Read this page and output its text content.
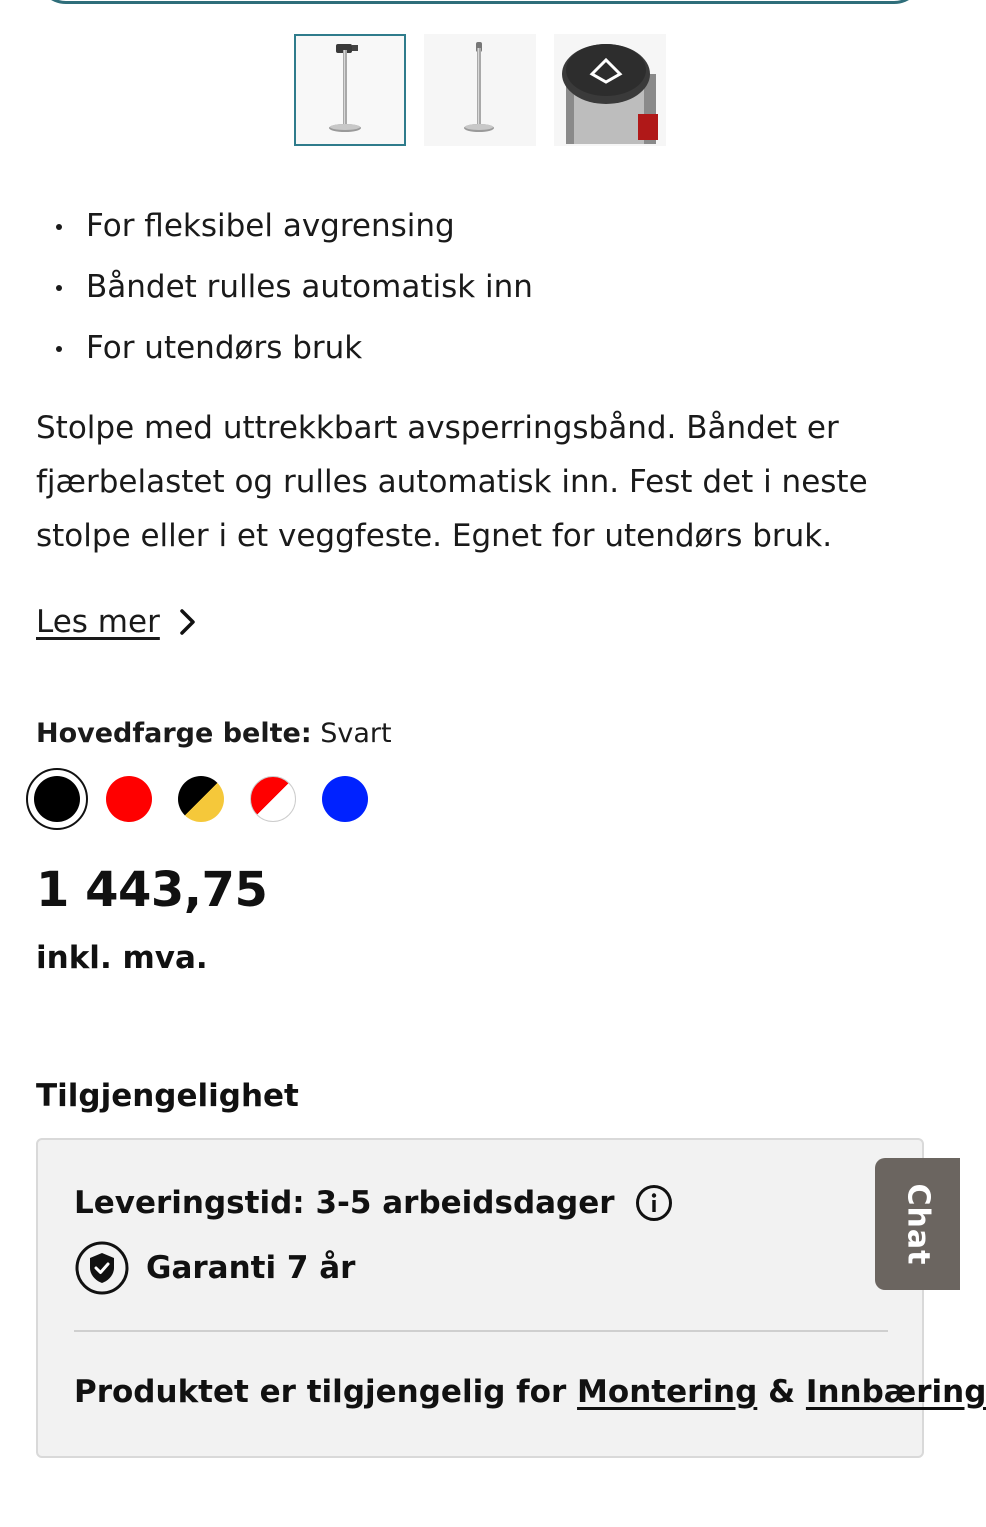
For fleksibel avgrensing
Båndet rulles automatisk inn
For utendørs bruk

Stolpe med uttrekkbart avsperringsbånd. Båndet er fjærbelastet og rulles automatisk inn. Fest det i neste stolpe eller i et veggfeste. Egnet for utendørs bruk.

Les mer
Hovedfarge belte: Svart
1 443,75
inkl. mva.
Tilgjengelighet
Leveringstid: 3-5 arbeidsdager
Garanti 7 år
Produktet er tilgjengelig for Montering & Innbæring
Chat
